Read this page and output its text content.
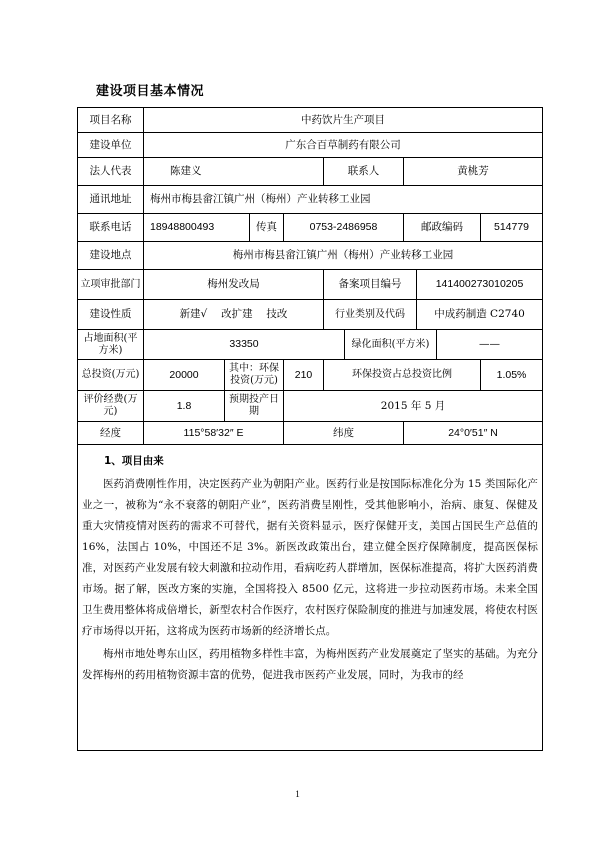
建设项目基本情况
项目名称	中药饮片生产项目									
建设单位	广东合百草制药有限公司									
法人代表	陈建义				联系人		黄桃芳			
通讯地址	梅州市梅县畲江镇广州（梅州）产业转移工业园									
联系电话	18948800493		传真	0753-2486958			邮政编码			514779
建设地点	梅州市梅县畲江镇广州（梅州）产业转移工业园									
立项审批部门	梅州发改局				备案项目编号			141400273010205		
建设性质	新建√　 改扩建　 技改				行业类别及代码			中成药制造 C2740		
占地面积(平方米)	33350					绿化面积(平方米)			——	
总投资(万元)	20000	其中：环保投资(万元)		210	环保投资占总投资比例					1.05%
评价经费(万元)	1.8	预期投产日期		2015 年 5 月						
经度	115°58′32″ E			纬度			24°0′51″ N			

1、项目由来

医药消费刚性作用，决定医药产业为朝阳产业。医药行业是按国际标准化分为 15 类国际化产业之一，被称为“永不衰落的朝阳产业”，医药消费呈刚性，受其他影响小，治病、康复、保健及重大灾情疫情对医药的需求不可替代，据有关资料显示，医疗保健开支，美国占国民生产总值的 16%，法国占 10%，中国还不足 3%。新医改政策出台，建立健全医疗保障制度，提高医保标准，对医药产业发展有较大刺激和拉动作用，看病吃药人群增加，医保标准提高，将扩大医药消费市场。据了解，医改方案的实施，全国将投入 8500 亿元，这将进一步拉动医药市场。未来全国卫生费用整体将成倍增长，新型农村合作医疗，农村医疗保险制度的推进与加速发展，将使农村医疗市场得以开拓，这将成为医药市场新的经济增长点。

梅州市地处粤东山区，药用植物多样性丰富，为梅州医药产业发展奠定了坚实的基础。为充分发挥梅州的药用植物资源丰富的优势，促进我市医药产业发展，同时，为我市的经										

1
